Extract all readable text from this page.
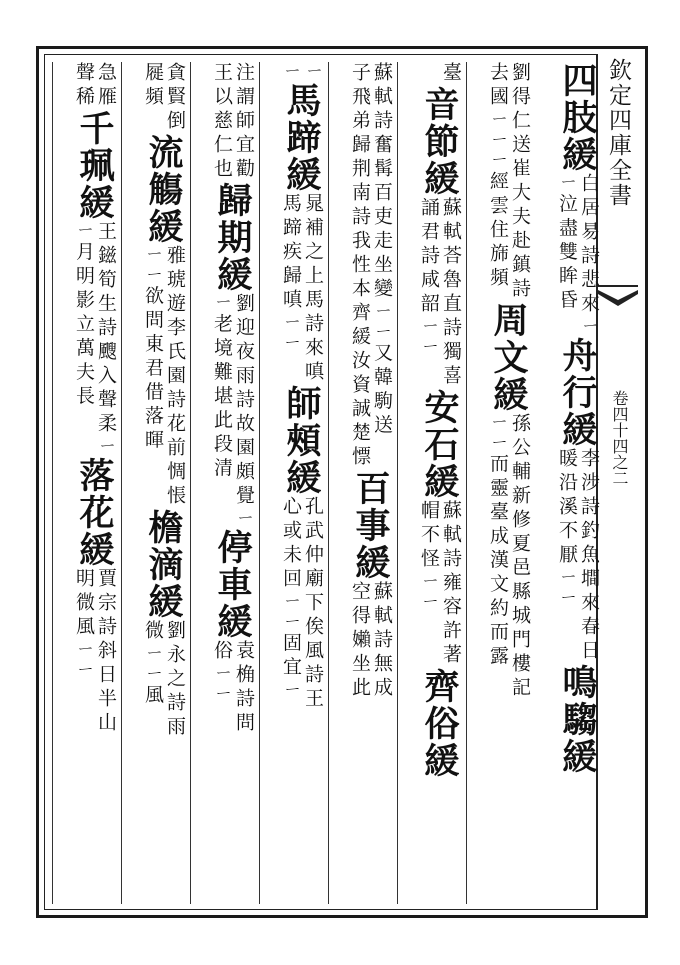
欽定四庫全書
卷四十四之二
四肢緩
白居易詩悲來ㄧ
ㄧ泣盡雙眸昏
舟行緩
李涉詩釣魚墹來春日
暖沿溪不厭ㄧㄧ
鳴騶緩
劉得仁送崔大夫赴鎮詩
去國ㄧㄧㄧ經雲住旆頻
周文緩
孫公輔新修夏邑縣城門樓記
ㄧㄧ而靈臺成漢文約而露
臺
音節緩
蘇軾荅魯直詩獨喜
誦君詩咸韶ㄧㄧ
安石緩
蘇軾詩雍容許著
帽不怪ㄧㄧ
齊俗緩
蘇軾詩奮髯百吏走坐變ㄧㄧ又韓駒送
子飛弟歸荆南詩我性本齊緩汝資誠楚慓
百事緩
蘇軾詩無成
空得嬾坐此
ㄧ
ㄧ
馬蹄緩
晁補之上馬詩來嗔
馬蹄疾歸嗔ㄧㄧ
師頰緩
孔武仲廟下俟風詩王
心或未回ㄧㄧ固宜ㄧ
注謂師宜勸
王以慈仁也
歸期緩
劉迎夜雨詩故園頗覺ㄧ
ㄧ老境難堪此段清
停車緩
袁桷詩問
俗ㄧㄧ
貪賢倒
屣頻
流觴緩
雅琥遊李氏園詩花前惆悵
ㄧㄧ欲問東君借落暉
檐滴緩
劉永之詩雨
微ㄧㄧ風
急雁
聲稀
千珮緩
王鎡筍生詩颼入聲柔ㄧ
ㄧ月明影立萬夫長
落花緩
賈宗詩斜日半山
明微風ㄧㄧ
